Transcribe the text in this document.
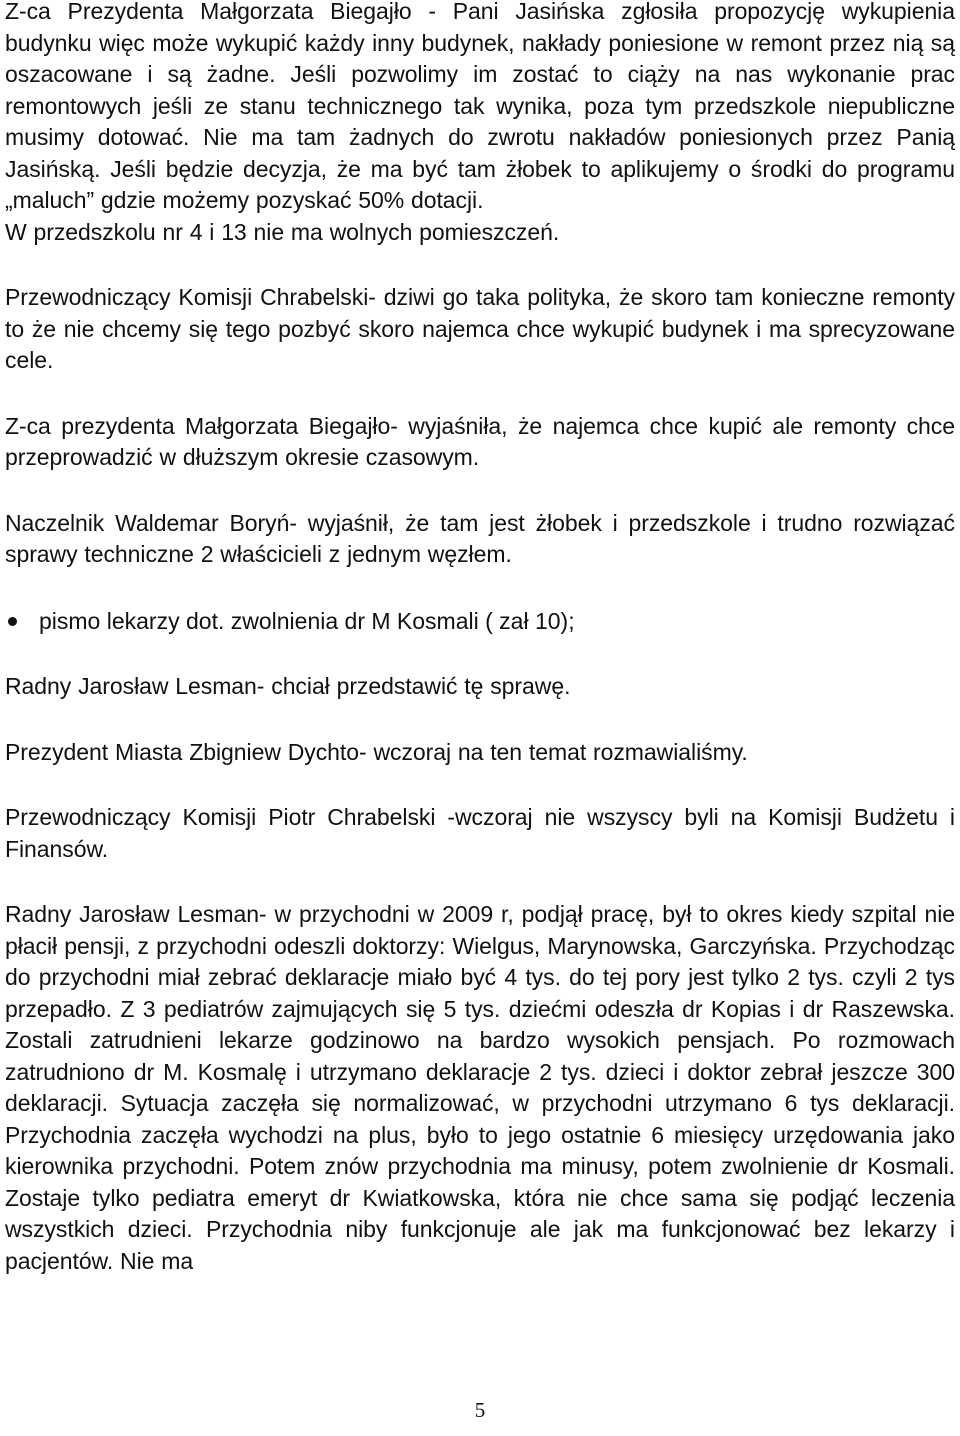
Z-ca Prezydenta Małgorzata Biegajło - Pani Jasińska zgłosiła propozycję wykupienia budynku więc może wykupić każdy inny budynek, nakłady poniesione w remont przez nią są oszacowane i są żadne. Jeśli pozwolimy im zostać to ciąży na nas wykonanie prac remontowych jeśli ze stanu technicznego tak wynika, poza tym przedszkole niepubliczne musimy dotować. Nie ma tam żadnych do zwrotu nakładów poniesionych przez Panią Jasińską. Jeśli będzie decyzja, że ma być tam żłobek to aplikujemy o środki do programu „maluch” gdzie możemy pozyskać 50% dotacji.

W przedszkolu nr 4 i 13 nie ma wolnych pomieszczeń.

Przewodniczący Komisji Chrabelski- dziwi go taka polityka, że skoro tam konieczne remonty to że nie chcemy się tego pozbyć skoro najemca chce wykupić budynek i ma sprecyzowane cele.

Z-ca prezydenta Małgorzata Biegajło- wyjaśniła, że najemca chce kupić ale remonty chce przeprowadzić w dłuższym okresie czasowym.

Naczelnik Waldemar Boryń- wyjaśnił, że tam jest żłobek i przedszkole i trudno rozwiązać sprawy techniczne 2 właścicieli z jednym węzłem.

pismo lekarzy dot. zwolnienia dr M Kosmali ( zał 10);

Radny Jarosław Lesman- chciał przedstawić tę sprawę.

Prezydent Miasta Zbigniew Dychto- wczoraj na ten temat rozmawialiśmy.

Przewodniczący Komisji Piotr Chrabelski -wczoraj nie wszyscy byli na Komisji Budżetu i Finansów.

Radny Jarosław Lesman- w przychodni w 2009 r, podjął pracę, był to okres kiedy szpital nie płacił pensji, z przychodni odeszli doktorzy: Wielgus, Marynowska, Garczyńska. Przychodząc do przychodni miał zebrać deklaracje miało być 4 tys. do tej pory jest tylko 2 tys. czyli 2 tys przepadło. Z 3 pediatrów zajmujących się 5 tys. dziećmi odeszła dr Kopias i dr Raszewska. Zostali zatrudnieni lekarze godzinowo na bardzo wysokich pensjach. Po rozmowach zatrudniono dr M. Kosmalę i utrzymano deklaracje 2 tys. dzieci i doktor zebrał jeszcze 300 deklaracji. Sytuacja zaczęła się normalizować, w przychodni utrzymano 6 tys deklaracji. Przychodnia zaczęła wychodzi na plus, było to jego ostatnie 6 miesięcy urzędowania jako kierownika przychodni. Potem znów przychodnia ma minusy, potem zwolnienie dr Kosmali. Zostaje tylko pediatra emeryt dr Kwiatkowska, która nie chce sama się podjąć leczenia wszystkich dzieci. Przychodnia niby funkcjonuje ale jak ma funkcjonować bez lekarzy i pacjentów. Nie ma

5
